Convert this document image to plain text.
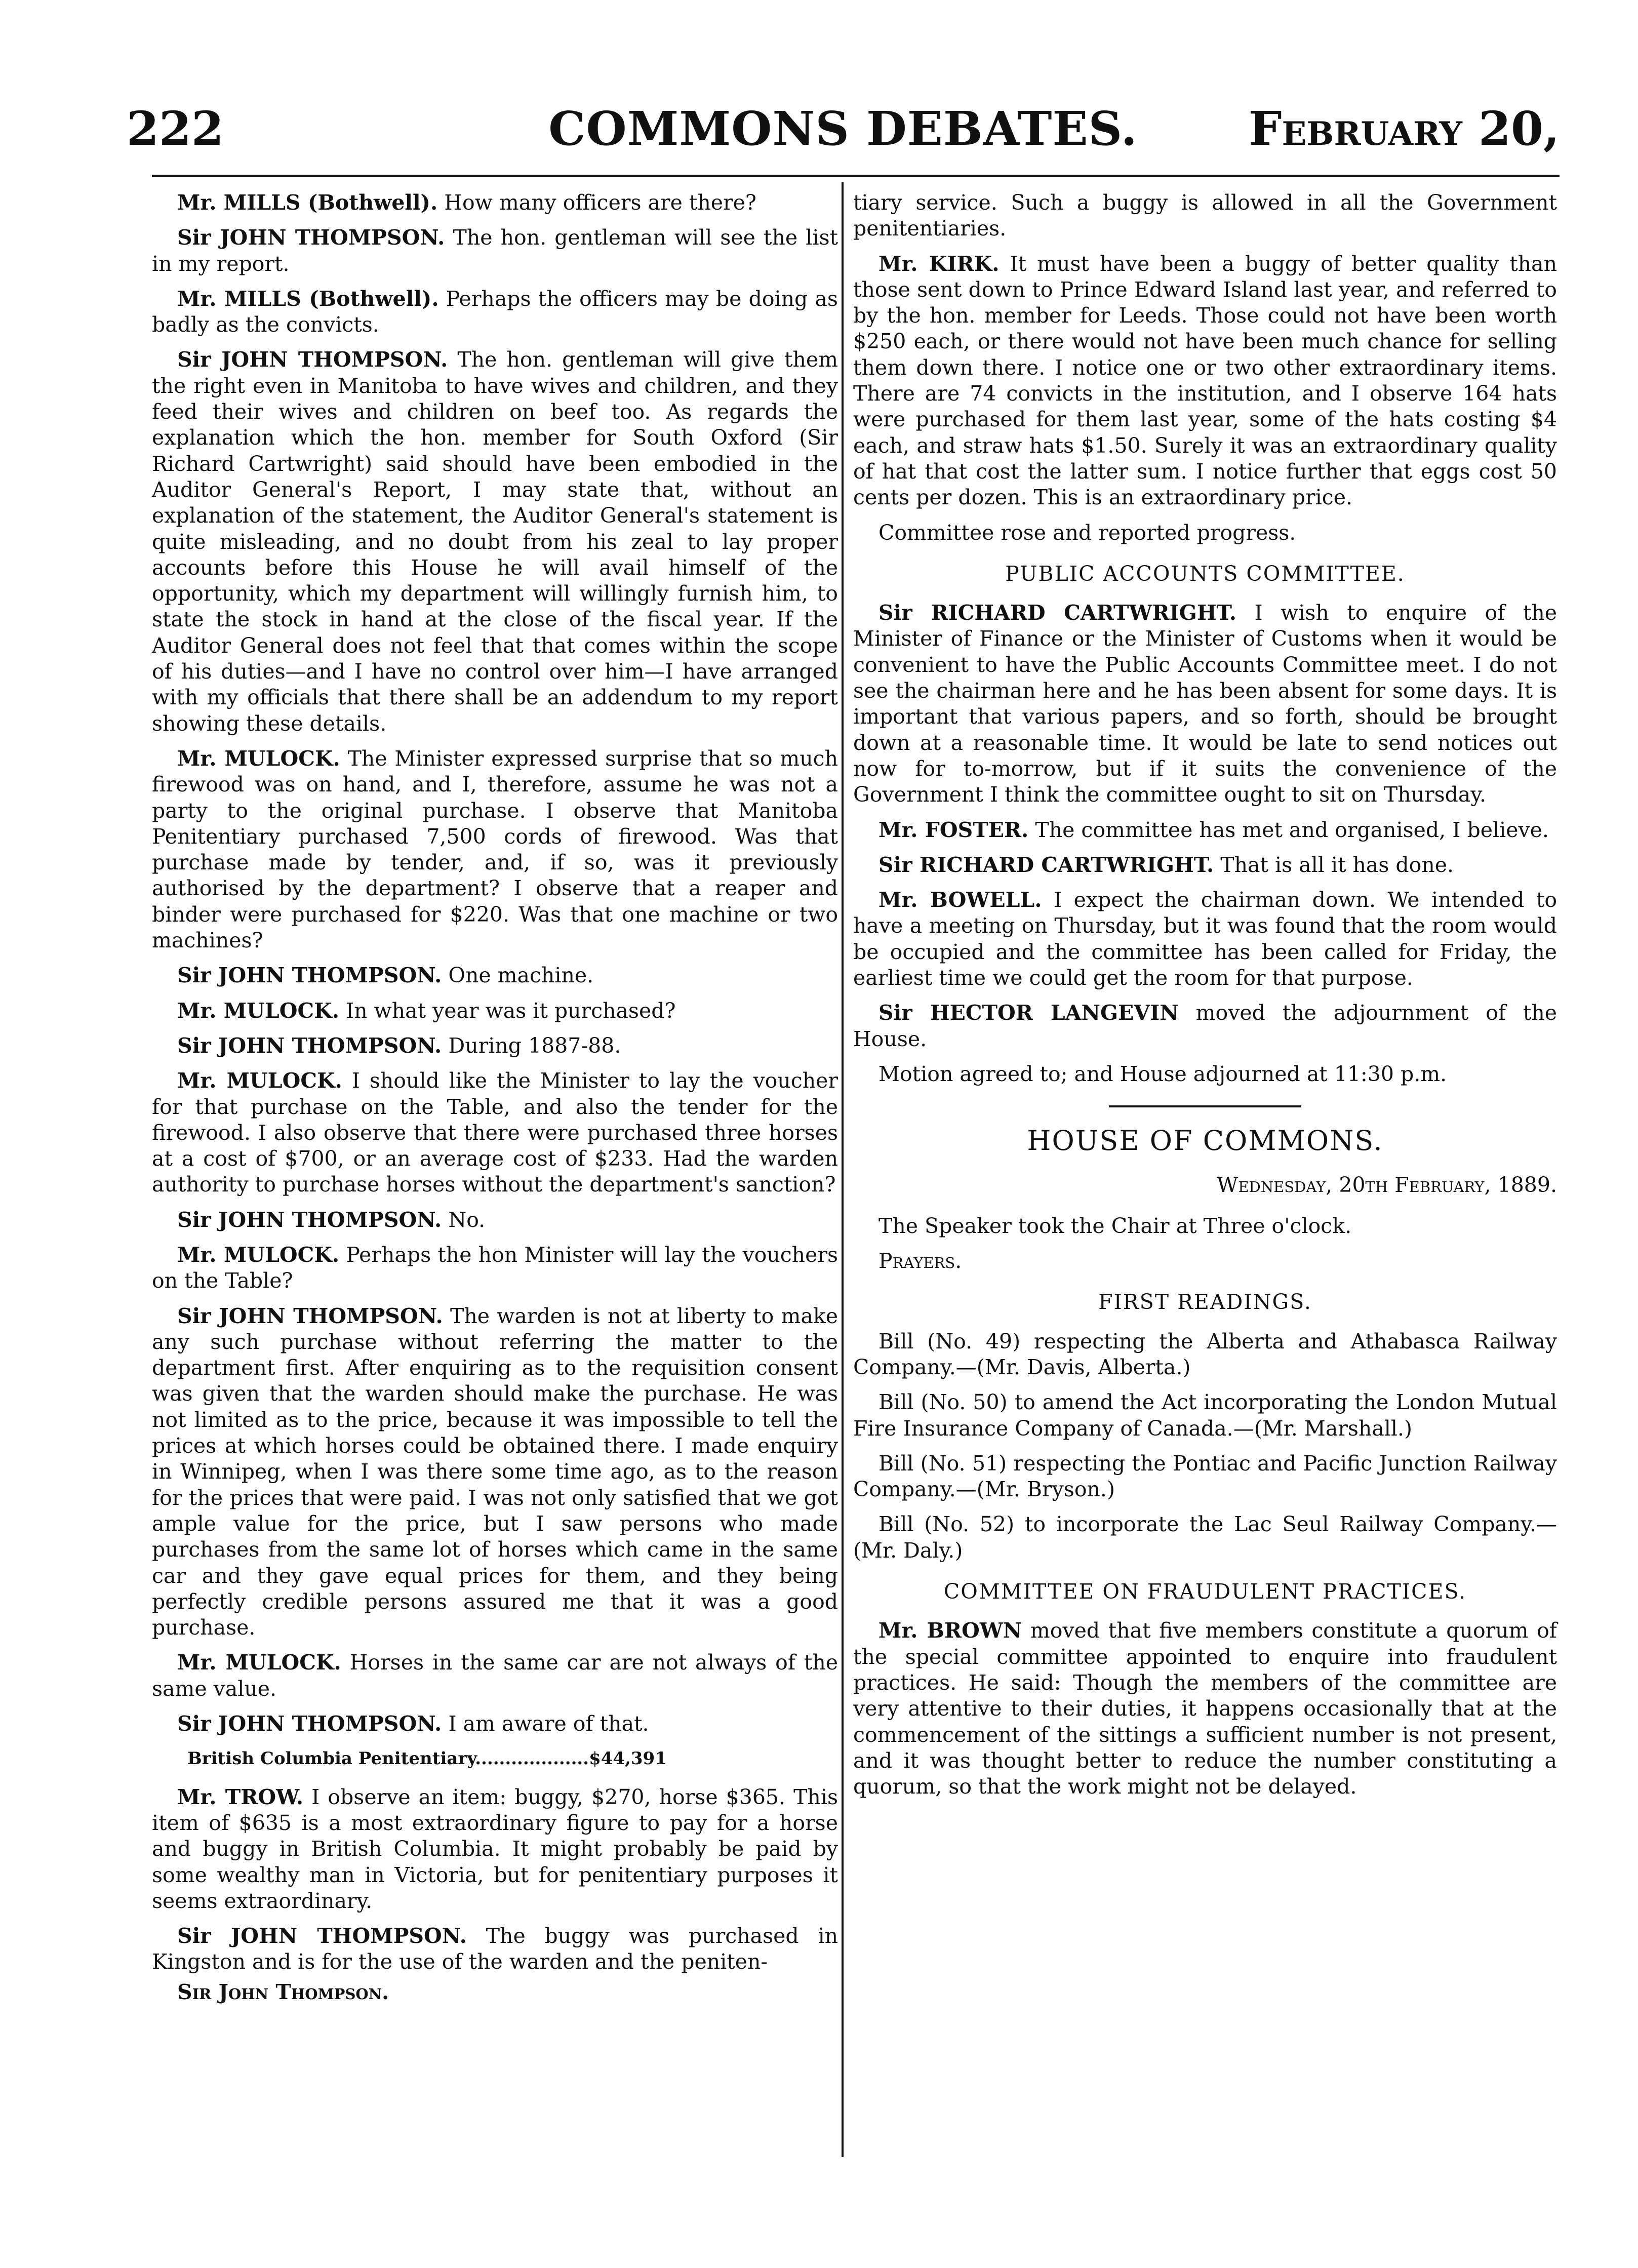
222	COMMONS DEBATES.	February 20,

Mr. MILLS (Bothwell). How many officers are there?

Sir JOHN THOMPSON. The hon. gentleman will see the list in my report.

Mr. MILLS (Bothwell). Perhaps the officers may be doing as badly as the convicts.

Sir JOHN THOMPSON. The hon. gentleman will give them the right even in Manitoba to have wives and children, and they feed their wives and children on beef too. As regards the explanation which the hon. member for South Oxford (Sir Richard Cartwright) said should have been embodied in the Auditor General's Report, I may state that, without an explanation of the statement, the Auditor General's statement is quite misleading, and no doubt from his zeal to lay proper accounts before this House he will avail himself of the opportunity, which my department will willingly furnish him, to state the stock in hand at the close of the fiscal year. If the Auditor General does not feel that that comes within the scope of his duties—and I have no control over him—I have arranged with my officials that there shall be an addendum to my report showing these details.

Mr. MULOCK. The Minister expressed surprise that so much firewood was on hand, and I, therefore, assume he was not a party to the original purchase. I observe that Manitoba Penitentiary purchased 7,500 cords of firewood. Was that purchase made by tender, and, if so, was it previously authorised by the department? I observe that a reaper and binder were purchased for $220. Was that one machine or two machines?

Sir JOHN THOMPSON. One machine.

Mr. MULOCK. In what year was it purchased?

Sir JOHN THOMPSON. During 1887-88.

Mr. MULOCK. I should like the Minister to lay the voucher for that purchase on the Table, and also the tender for the firewood. I also observe that there were purchased three horses at a cost of $700, or an average cost of $233. Had the warden authority to purchase horses without the department's sanction?

Sir JOHN THOMPSON. No.

Mr. MULOCK. Perhaps the hon Minister will lay the vouchers on the Table?

Sir JOHN THOMPSON. The warden is not at liberty to make any such purchase without referring the matter to the department first. After enquiring as to the requisition consent was given that the warden should make the purchase. He was not limited as to the price, because it was impossible to tell the prices at which horses could be obtained there. I made enquiry in Winnipeg, when I was there some time ago, as to the reason for the prices that were paid. I was not only satisfied that we got ample value for the price, but I saw persons who made purchases from the same lot of horses which came in the same car and they gave equal prices for them, and they being perfectly credible persons assured me that it was a good purchase.

Mr. MULOCK. Horses in the same car are not always of the same value.

Sir JOHN THOMPSON. I am aware of that.

British Columbia Penitentiary...................$44,391

Mr. TROW. I observe an item: buggy, $270, horse $365. This item of $635 is a most extraordinary figure to pay for a horse and buggy in British Columbia. It might probably be paid by some wealthy man in Victoria, but for penitentiary purposes it seems extraordinary.

Sir JOHN THOMPSON. The buggy was purchased in Kingston and is for the use of the warden and the peniten-

Sir John Thompson.

tiary service. Such a buggy is allowed in all the Government penitentiaries.

Mr. KIRK. It must have been a buggy of better quality than those sent down to Prince Edward Island last year, and referred to by the hon. member for Leeds. Those could not have been worth $250 each, or there would not have been much chance for selling them down there. I notice one or two other extraordinary items. There are 74 convicts in the institution, and I observe 164 hats were purchased for them last year, some of the hats costing $4 each, and straw hats $1.50. Surely it was an extraordinary quality of hat that cost the latter sum. I notice further that eggs cost 50 cents per dozen. This is an extraordinary price.

Committee rose and reported progress.

PUBLIC ACCOUNTS COMMITTEE.

Sir RICHARD CARTWRIGHT. I wish to enquire of the Minister of Finance or the Minister of Customs when it would be convenient to have the Public Accounts Committee meet. I do not see the chairman here and he has been absent for some days. It is important that various papers, and so forth, should be brought down at a reasonable time. It would be late to send notices out now for to-morrow, but if it suits the convenience of the Government I think the committee ought to sit on Thursday.

Mr. FOSTER. The committee has met and organised, I believe.

Sir RICHARD CARTWRIGHT. That is all it has done.

Mr. BOWELL. I expect the chairman down. We intended to have a meeting on Thursday, but it was found that the room would be occupied and the committee has been called for Friday, the earliest time we could get the room for that purpose.

Sir HECTOR LANGEVIN moved the adjournment of the House.

Motion agreed to; and House adjourned at 11:30 p.m.

HOUSE OF COMMONS.
Wednesday, 20th February, 1889.

The Speaker took the Chair at Three o'clock.

Prayers.

FIRST READINGS.

Bill (No. 49) respecting the Alberta and Athabasca Railway Company.—(Mr. Davis, Alberta.)

Bill (No. 50) to amend the Act incorporating the London Mutual Fire Insurance Company of Canada.—(Mr. Marshall.)

Bill (No. 51) respecting the Pontiac and Pacific Junction Railway Company.—(Mr. Bryson.)

Bill (No. 52) to incorporate the Lac Seul Railway Company.—(Mr. Daly.)

COMMITTEE ON FRAUDULENT PRACTICES.

Mr. BROWN moved that five members constitute a quorum of the special committee appointed to enquire into fraudulent practices. He said: Though the members of the committee are very attentive to their duties, it happens occasionally that at the commencement of the sittings a sufficient number is not present, and it was thought better to reduce the number constituting a quorum, so that the work might not be delayed.
